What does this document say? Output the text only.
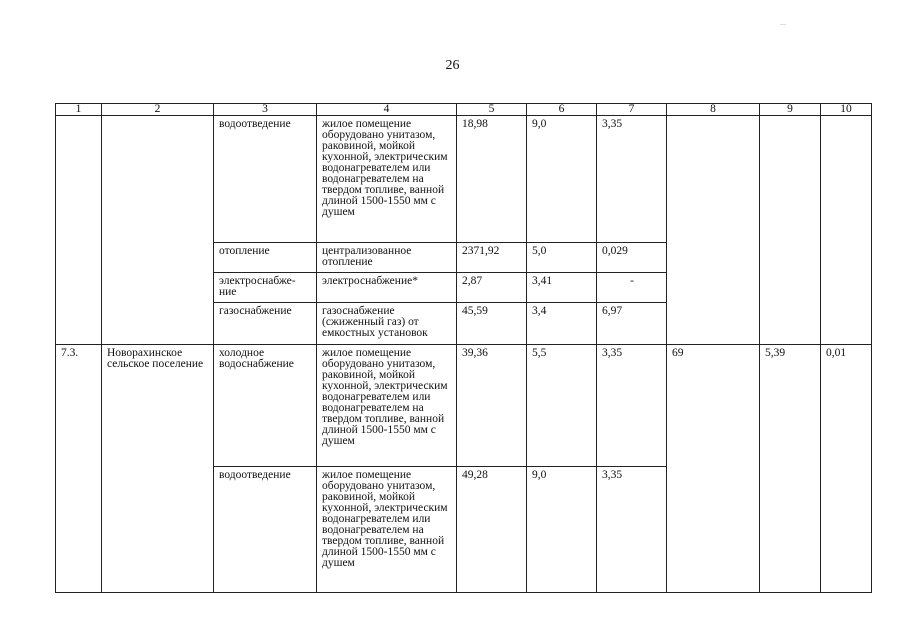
...
26
1	2	3	4	5	6	7	8	9	10
		водоотведение	жилое помещение оборудовано унитазом, раковиной, мойкой кухонной, электрическим водонагревателем или водонагревателем на твердом топливе, ванной длиной 1500-1550 мм с душем	18,98	9,0	3,35			
		отопление	централизованное отопление	2371,92	5,0	0,029			
		электроснабже-ние	электроснабжение*	2,87	3,41	-			
		газоснабжение	газоснабжение (сжиженный газ) от емкостных установок	45,59	3,4	6,97			
7.3.	Новорахинское сельское поселение	холодное водоснабжение	жилое помещение оборудовано унитазом, раковиной, мойкой кухонной, электрическим водонагревателем или водонагревателем на твердом топливе, ванной длиной 1500-1550 мм с душем	39,36	5,5	3,35	69	5,39	0,01
		водоотведение	жилое помещение оборудовано унитазом, раковиной, мойкой кухонной, электрическим водонагревателем или водонагревателем на твердом топливе, ванной длиной 1500-1550 мм с душем	49,28	9,0	3,35			
